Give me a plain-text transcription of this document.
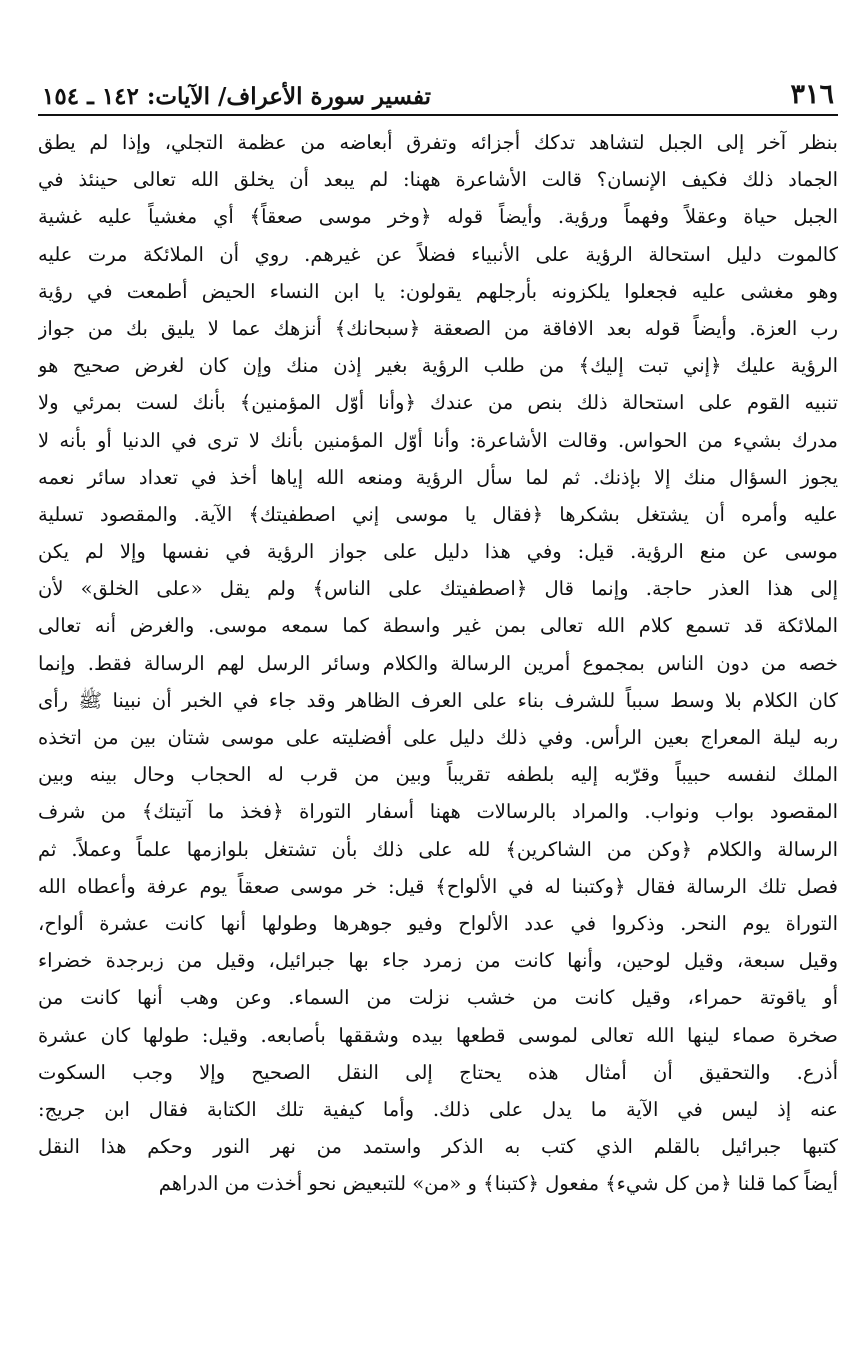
٣١٦
تفسير سورة الأعراف/ الآيات: ١٤٢ ـ ١٥٤
بنظر آخر إلى الجبل لتشاهد تدكك أجزائه وتفرق أبعاضه من عظمة التجلي، وإذا لم يطق
الجماد ذلك فكيف الإنسان؟ قالت الأشاعرة ههنا: لم يبعد أن يخلق الله تعالى حينئذ في
الجبل حياة وعقلاً وفهماً ورؤية. وأيضاً قوله ﴿وخر موسى صعقاً﴾ أي مغشياً عليه غشية
كالموت دليل استحالة الرؤية على الأنبياء فضلاً عن غيرهم. روي أن الملائكة مرت عليه
وهو مغشى عليه فجعلوا يلكزونه بأرجلهم يقولون: يا ابن النساء الحيض أطمعت في رؤية
رب العزة. وأيضاً قوله بعد الافاقة من الصعقة ﴿سبحانك﴾ أنزهك عما لا يليق بك من جواز
الرؤية عليك ﴿إني تبت إليك﴾ من طلب الرؤية بغير إذن منك وإن كان لغرض صحيح هو
تنبيه القوم على استحالة ذلك بنص من عندك ﴿وأنا أوّل المؤمنين﴾ بأنك لست بمرئي ولا
مدرك بشيء من الحواس. وقالت الأشاعرة: وأنا أوّل المؤمنين بأنك لا ترى في الدنيا أو بأنه لا
يجوز السؤال منك إلا بإذنك. ثم لما سأل الرؤية ومنعه الله إياها أخذ في تعداد سائر نعمه
عليه وأمره أن يشتغل بشكرها ﴿فقال يا موسى إني اصطفيتك﴾ الآية. والمقصود تسلية
موسى عن منع الرؤية. قيل: وفي هذا دليل على جواز الرؤية في نفسها وإلا لم يكن
إلى هذا العذر حاجة. وإنما قال ﴿اصطفيتك على الناس﴾ ولم يقل «على الخلق» لأن
الملائكة قد تسمع كلام الله تعالى بمن غير واسطة كما سمعه موسى. والغرض أنه تعالى
خصه من دون الناس بمجموع أمرين الرسالة والكلام وسائر الرسل لهم الرسالة فقط. وإنما
كان الكلام بلا وسط سبباً للشرف بناء على العرف الظاهر وقد جاء في الخبر أن نبينا ﷺ رأى
ربه ليلة المعراج بعين الرأس. وفي ذلك دليل على أفضليته على موسى شتان بين من اتخذه
الملك لنفسه حبيباً وقرّبه إليه بلطفه تقريباً وبين من قرب له الحجاب وحال بينه وبين
المقصود بواب ونواب. والمراد بالرسالات ههنا أسفار التوراة ﴿فخذ ما آتيتك﴾ من شرف
الرسالة والكلام ﴿وكن من الشاكرين﴾ لله على ذلك بأن تشتغل بلوازمها علماً وعملاً. ثم
فصل تلك الرسالة فقال ﴿وكتبنا له في الألواح﴾ قيل: خر موسى صعقاً يوم عرفة وأعطاه الله
التوراة يوم النحر. وذكروا في عدد الألواح وفيو جوهرها وطولها أنها كانت عشرة ألواح،
وقيل سبعة، وقيل لوحين، وأنها كانت من زمرد جاء بها جبرائيل، وقيل من زبرجدة خضراء
أو ياقوتة حمراء، وقيل كانت من خشب نزلت من السماء. وعن وهب أنها كانت من
صخرة صماء لينها الله تعالى لموسى قطعها بيده وشققها بأصابعه. وقيل: طولها كان عشرة
أذرع. والتحقيق أن أمثال هذه يحتاج إلى النقل الصحيح وإلا وجب السكوت
عنه إذ ليس في الآية ما يدل على ذلك. وأما كيفية تلك الكتابة فقال ابن جريج:
كتبها جبرائيل بالقلم الذي كتب به الذكر واستمد من نهر النور وحكم هذا النقل
أيضاً كما قلنا ﴿من كل شيء﴾ مفعول ﴿كتبنا﴾ و «من» للتبعيض نحو أخذت من الدراهم
